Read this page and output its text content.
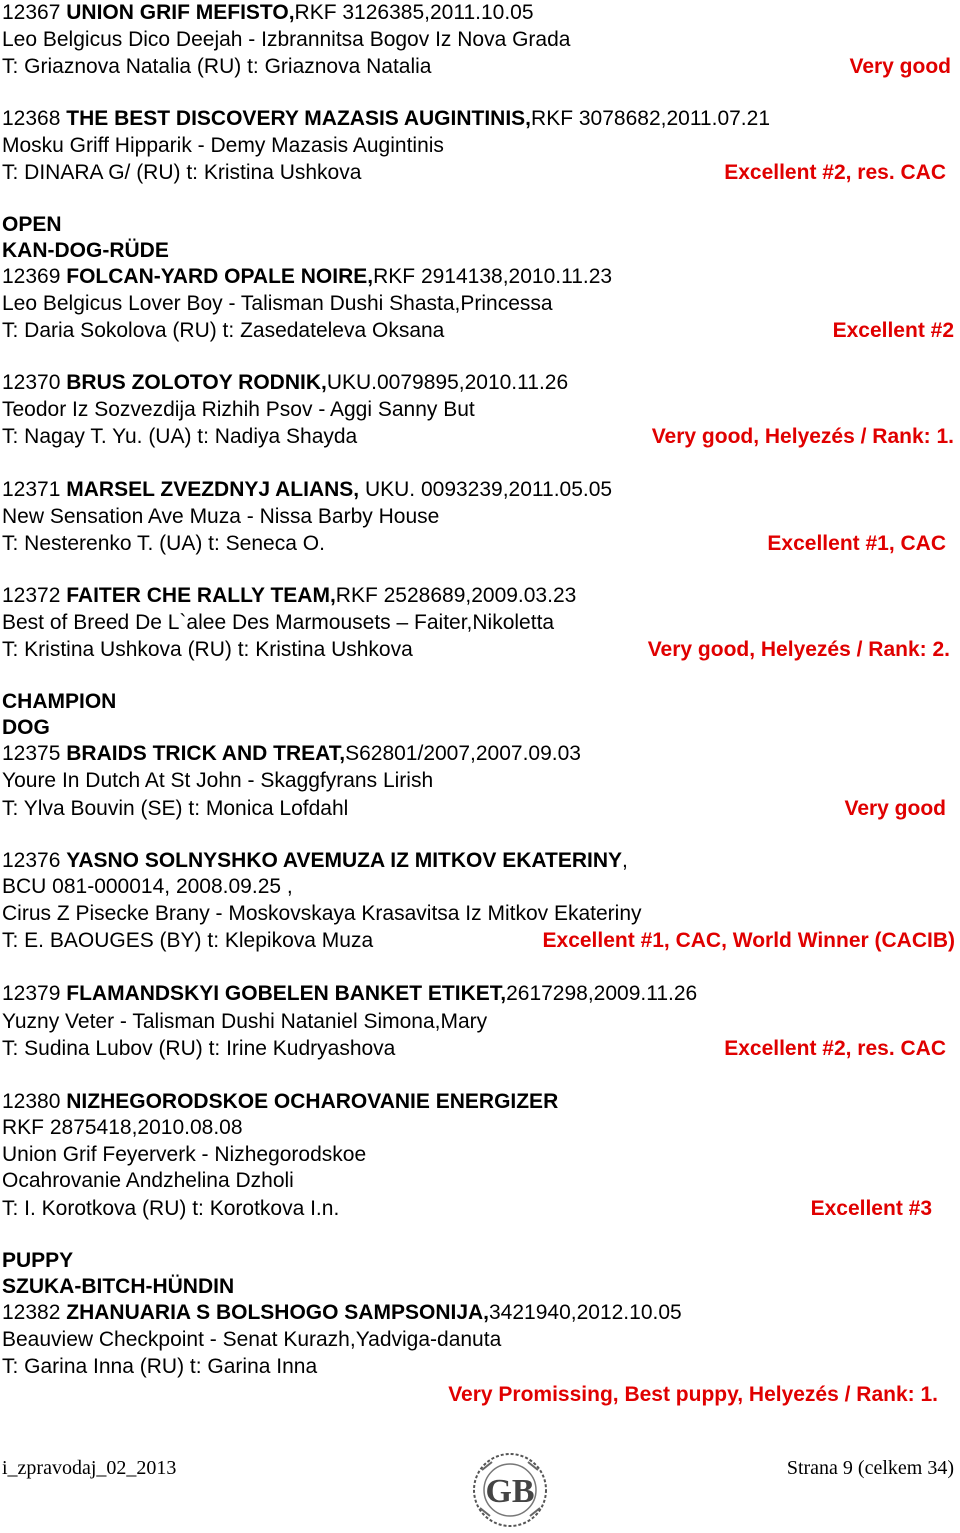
12367 UNION GRIF MEFISTO,RKF 3126385,2011.10.05
Leo Belgicus Dico Deejah - Izbrannitsa Bogov Iz Nova Grada
T: Griaznova Natalia (RU) t: Griaznova Natalia	Very good
12368 THE BEST DISCOVERY MAZASIS AUGINTINIS,RKF 3078682,2011.07.21
Mosku Griff Hipparik - Demy Mazasis Augintinis
T: DINARA G/ (RU) t: Kristina Ushkova	Excellent #2, res. CAC
OPEN
KAN-DOG-RÜDE
12369 FOLCAN-YARD OPALE NOIRE,RKF 2914138,2010.11.23
Leo Belgicus Lover Boy - Talisman Dushi Shasta,Princessa
T: Daria Sokolova (RU) t: Zasedateleva Oksana	Excellent #2
12370 BRUS ZOLOTOY RODNIK,UKU.0079895,2010.11.26
Teodor Iz Sozvezdija Rizhih Psov - Aggi Sanny But
T: Nagay T. Yu. (UA) t: Nadiya Shayda	Very good, Helyezés / Rank: 1.
12371 MARSEL ZVEZDNYJ ALIANS, UKU. 0093239,2011.05.05
New Sensation Ave Muza - Nissa Barby House
T: Nesterenko T. (UA) t: Seneca O.	Excellent #1, CAC
12372 FAITER CHE RALLY TEAM,RKF 2528689,2009.03.23
Best of Breed De L`alee Des Marmousets – Faiter,Nikoletta
T: Kristina Ushkova (RU) t: Kristina Ushkova	Very good, Helyezés / Rank: 2.
CHAMPION
DOG
12375 BRAIDS TRICK AND TREAT,S62801/2007,2007.09.03
Youre In Dutch At St John - Skaggfyrans Lirish
T: Ylva Bouvin (SE) t: Monica Lofdahl	Very good
12376 YASNO SOLNYSHKO AVEMUZA IZ MITKOV EKATERINY,
BCU 081-000014, 2008.09.25 ,
Cirus Z Pisecke Brany - Moskovskaya Krasavitsa Iz Mitkov Ekateriny
T: E. BAOUGES (BY) t: Klepikova Muza	Excellent #1, CAC, World Winner (CACIB)
12379 FLAMANDSKYI GOBELEN BANKET ETIKET,2617298,2009.11.26
Yuzny Veter - Talisman Dushi Nataniel Simona,Mary
T: Sudina Lubov (RU) t: Irine Kudryashova	Excellent #2, res. CAC
12380 NIZHEGORODSKOE OCHAROVANIE ENERGIZER
RKF 2875418,2010.08.08
Union Grif Feyerverk - Nizhegorodskoe
Ocahrovanie Andzhelina Dzholi
T: I. Korotkova (RU) t: Korotkova I.n.	Excellent #3
PUPPY
SZUKA-BITCH-HÜNDIN
12382 ZHANUARIA S BOLSHOGO SAMPSONIJA,3421940,2012.10.05
Beauview Checkpoint - Senat Kurazh,Yadviga-danuta
T: Garina Inna (RU) t: Garina Inna
Very Promissing, Best puppy, Helyezés / Rank: 1.
i_zpravodaj_02_2013	Strana 9 (celkem 34)
GB
